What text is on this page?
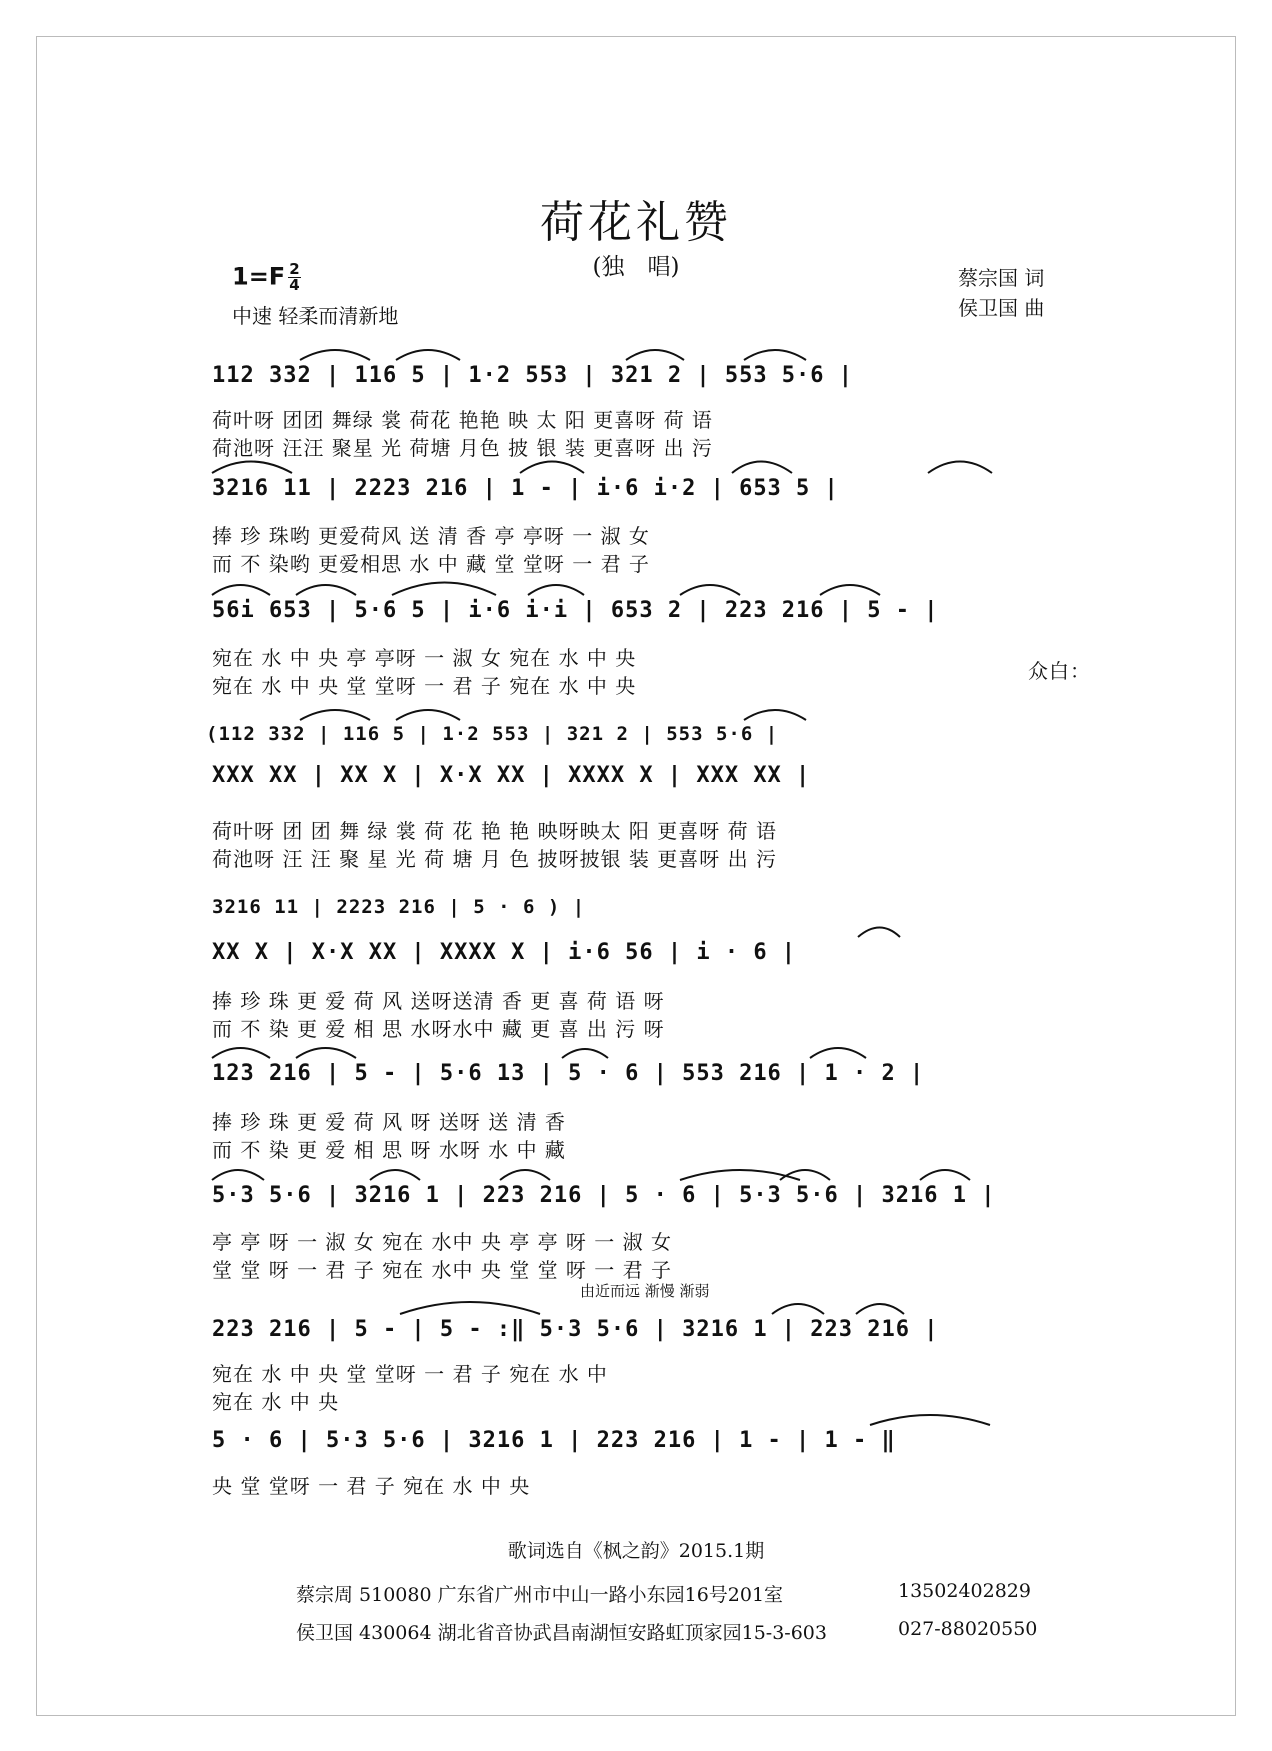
荷花礼赞
(独　唱)
$1=F \frac{2}{4}$
中速 轻柔而清新地
蔡宗国 词
侯卫国 曲
112 332 | 116 5 | 1·2 553 | 321 2 | 553 5·6 |
荷叶呀 团团 舞绿 裳 荷花 艳艳 映 太 阳 更喜呀 荷 语
荷池呀 汪汪 聚星 光 荷塘 月色 披 银 装 更喜呀 出 污
3216 11 | 2223 216 | 1 - | i·6 i·2 | 653 5 |
捧 珍 珠哟 更爱荷风 送 清 香 亭 亭呀 一 淑 女
而 不 染哟 更爱相思 水 中 藏 堂 堂呀 一 君 子
56i 653 | 5·6 5 | i·6 i·i | 653 2 | 223 216 | 5 - |
宛在 水 中 央 亭 亭呀 一 淑 女 宛在 水 中 央
宛在 水 中 央 堂 堂呀 一 君 子 宛在 水 中 央
众白：
(112 332 | 116 5 | 1·2 553 | 321 2 | 553 5·6 |
XXX XX | XX X | X·X XX | XXXX X | XXX XX |
荷叶呀 团 团 舞 绿 裳 荷 花 艳 艳 映呀映太 阳 更喜呀 荷 语
荷池呀 汪 汪 聚 星 光 荷 塘 月 色 披呀披银 装 更喜呀 出 污
3216 11 | 2223 216 | 5 · 6 ) |
XX X | X·X XX | XXXX X | i·6 56 | i · 6 |
捧 珍 珠 更 爱 荷 风 送呀送清 香 更 喜 荷 语 呀
而 不 染 更 爱 相 思 水呀水中 藏 更 喜 出 污 呀
123 216 | 5 - | 5·6 13 | 5 · 6 | 553 216 | 1 · 2 |
捧 珍 珠 更 爱 荷 风 呀 送呀 送 清 香
而 不 染 更 爱 相 思 呀 水呀 水 中 藏
5·3 5·6 | 3216 1 | 223 216 | 5 · 6 | 5·3 5·6 | 3216 1 |
亭 亭 呀 一 淑 女 宛在 水中 央 亭 亭 呀 一 淑 女
堂 堂 呀 一 君 子 宛在 水中 央 堂 堂 呀 一 君 子
由近而远 渐慢 渐弱
223 216 | 5 - | 5 - :‖ 5·3 5·6 | 3216 1 | 223 216 |
宛在 水 中 央 堂 堂呀 一 君 子 宛在 水 中
宛在 水 中 央
5 · 6 | 5·3 5·6 | 3216 1 | 223 216 | 1 - | 1 - ‖
央 堂 堂呀 一 君 子 宛在 水 中 央
歌词选自《枫之韵》2015.1期
蔡宗周 510080 广东省广州市中山一路小东园16号201室	13502402829
侯卫国 430064 湖北省音协武昌南湖恒安路虹顶家园15-3-603	027-88020550
